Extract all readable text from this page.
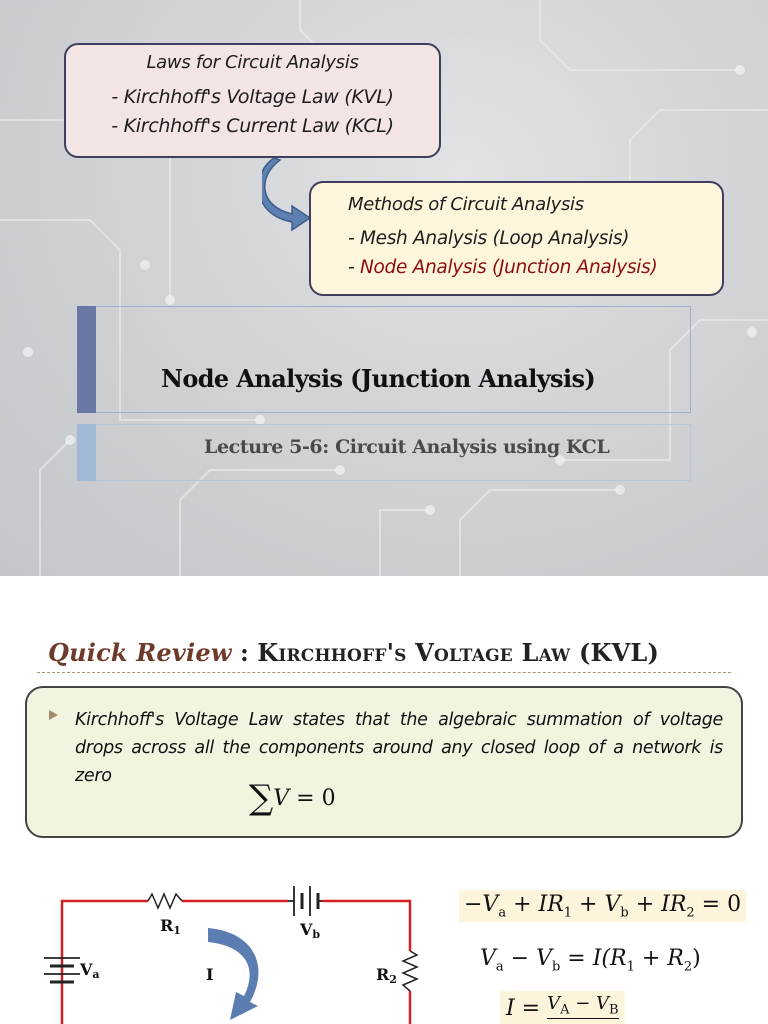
Laws for Circuit Analysis
- Kirchhoff's Voltage Law (KVL)
- Kirchhoff's Current Law (KCL)
Methods of Circuit Analysis
- Mesh Analysis (Loop Analysis)
- Node Analysis (Junction Analysis)
Node Analysis (Junction Analysis)
Lecture 5-6: Circuit Analysis using KCL
Quick Review : Kirchhoff's Voltage Law (KVL)
Kirchhoff's Voltage Law states that the algebraic summation of voltage drops across all the components around any closed loop of a network is zero
∑V = 0
R1	Vb
Va	I	R2
$-V_a + IR_1 + V_b + IR_2 = 0$
$V_a - V_b = I(R_1 + R_2)$
$I = V_A - V_B$
